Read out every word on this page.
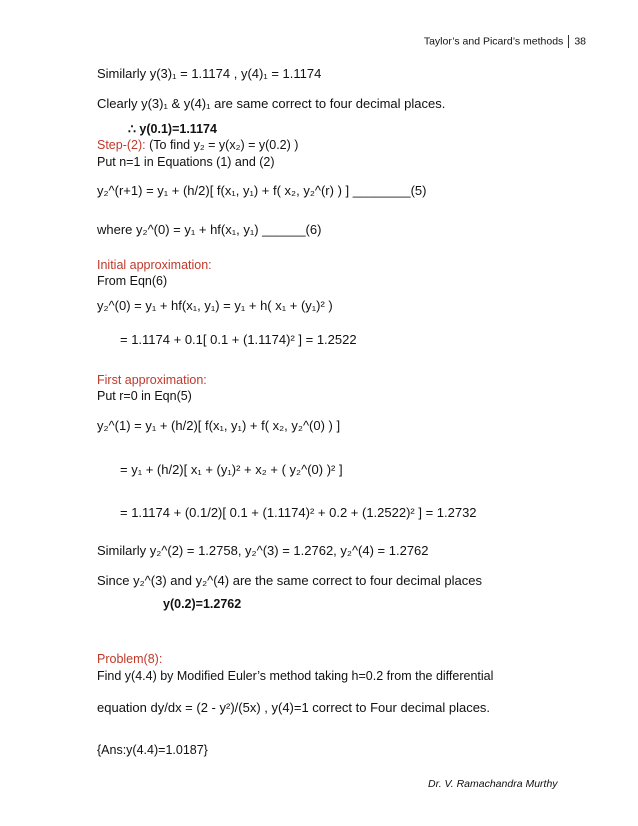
Taylor’s and Picard’s methods 38
Similarly y(3)₁ = 1.1174 , y(4)₁ = 1.1174
Clearly y(3)₁ & y(4)₁ are same correct to four decimal places.
∴ y(0.1)=1.1174
Step-(2): (To find y₂ = y(x₂) = y(0.2) )
Put n=1 in Equations (1) and (2)
y₂^(r+1) = y₁ + (h/2)[ f(x₁, y₁) + f( x₂, y₂^(r) ) ] ________(5)
where y₂^(0) = y₁ + hf(x₁, y₁) ______(6)
Initial approximation:
From Eqn(6)
y₂^(0) = y₁ + hf(x₁, y₁) = y₁ + h( x₁ + (y₁)² )
= 1.1174 + 0.1[ 0.1 + (1.1174)² ] = 1.2522
First approximation:
Put r=0 in Eqn(5)
y₂^(1) = y₁ + (h/2)[ f(x₁, y₁) + f( x₂, y₂^(0) ) ]
= y₁ + (h/2)[ x₁ + (y₁)² + x₂ + ( y₂^(0) )² ]
= 1.1174 + (0.1/2)[ 0.1 + (1.1174)² + 0.2 + (1.2522)² ] = 1.2732
Similarly y₂^(2) = 1.2758, y₂^(3) = 1.2762, y₂^(4) = 1.2762
Since y₂^(3) and y₂^(4) are the same correct to four decimal places
y(0.2)=1.2762
Problem(8):
Find y(4.4) by Modified Euler’s method taking h=0.2 from the differential
equation dy/dx = (2 - y²)/(5x) , y(4)=1 correct to Four decimal places.
{Ans:y(4.4)=1.0187}
Dr. V. Ramachandra Murthy
